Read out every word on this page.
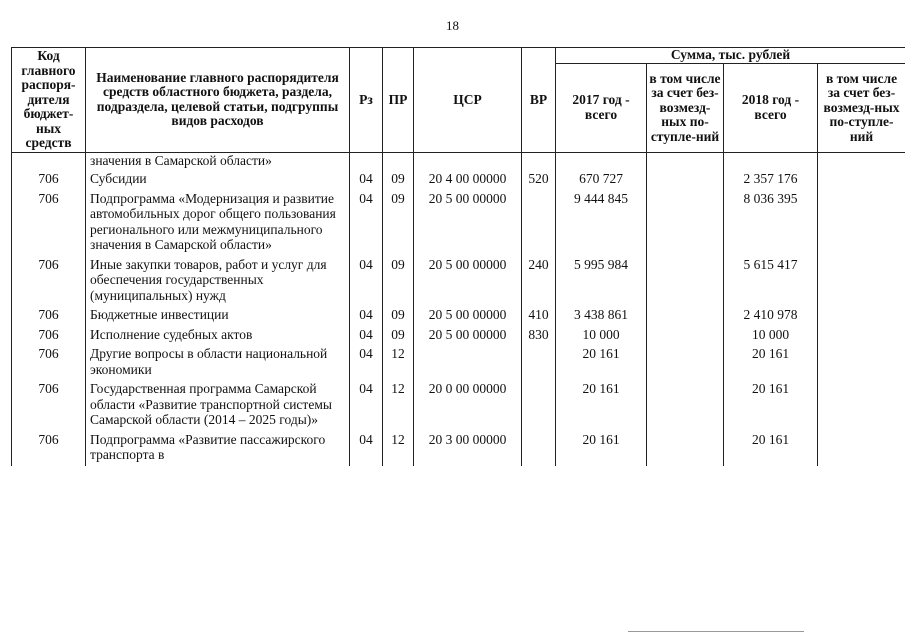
18
Код главного распоря-дителя бюджет-ных средств	Наименование главного распорядителя средств областного бюджета, раздела, подраздела, целевой статьи, подгруппы видов расходов	Рз	ПР	ЦСР	ВР	Сумма, тыс. рублей			
						2017 год - всего	в том числе за счет без-возмезд-ных по-ступле-ний	2018 год - всего	в том числе за счет без-возмезд-ных по-ступле-ний
	значения в Самарской области»								
706	Субсидии	04	09	20 4 00 00000	520	670 727		2 357 176	
706	Подпрограмма «Модернизация и развитие автомобильных дорог общего пользования регионального или межмуниципального значения в Самарской области»	04	09	20 5 00 00000		9 444 845		8 036 395	
706	Иные закупки товаров, работ и услуг для обеспечения государственных (муниципальных) нужд	04	09	20 5 00 00000	240	5 995 984		5 615 417	
706	Бюджетные инвестиции	04	09	20 5 00 00000	410	3 438 861		2 410 978	
706	Исполнение судебных актов	04	09	20 5 00 00000	830	10 000		10 000	
706	Другие вопросы в области национальной экономики	04	12			20 161		20 161	
706	Государственная программа Самарской области «Развитие транспортной системы Самарской области (2014 – 2025 годы)»	04	12	20 0 00 00000		20 161		20 161	
706	Подпрограмма «Развитие пассажирского транспорта в	04	12	20 3 00 00000		20 161		20 161	
